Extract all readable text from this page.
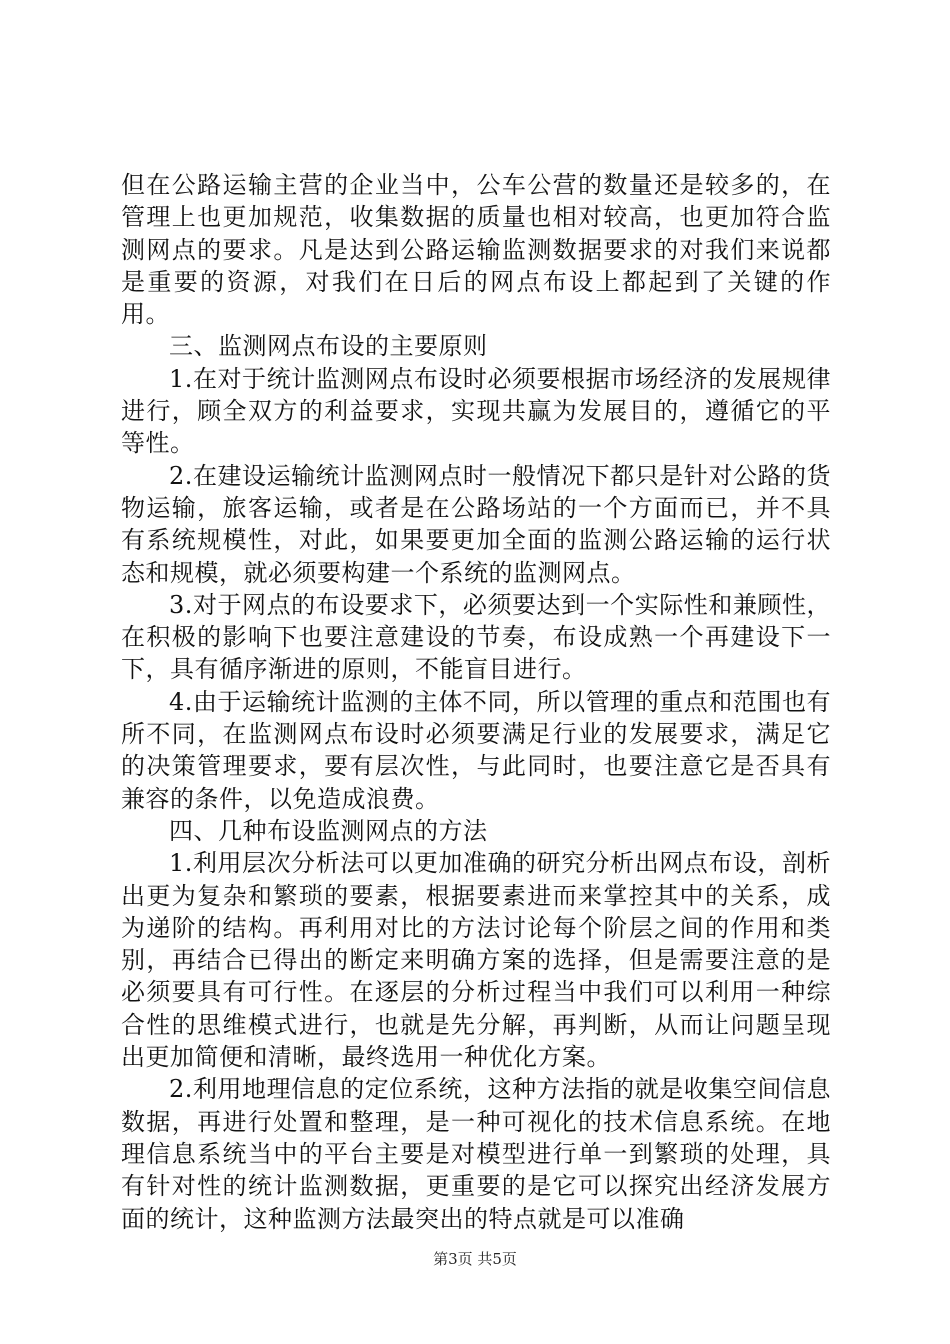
但在公路运输主营的企业当中，公车公营的数量还是较多的，在管理上也更加规范，收集数据的质量也相对较高，也更加符合监测网点的要求。凡是达到公路运输监测数据要求的对我们来说都是重要的资源，对我们在日后的网点布设上都起到了关键的作用。

三、监测网点布设的主要原则

1.在对于统计监测网点布设时必须要根据市场经济的发展规律进行，顾全双方的利益要求，实现共赢为发展目的，遵循它的平等性。

2.在建设运输统计监测网点时一般情况下都只是针对公路的货物运输，旅客运输，或者是在公路场站的一个方面而已，并不具有系统规模性，对此，如果要更加全面的监测公路运输的运行状态和规模，就必须要构建一个系统的监测网点。

3.对于网点的布设要求下，必须要达到一个实际性和兼顾性，在积极的影响下也要注意建设的节奏，布设成熟一个再建设下一下，具有循序渐进的原则，不能盲目进行。

4.由于运输统计监测的主体不同，所以管理的重点和范围也有所不同，在监测网点布设时必须要满足行业的发展要求，满足它的决策管理要求，要有层次性，与此同时，也要注意它是否具有兼容的条件，以免造成浪费。

四、几种布设监测网点的方法

1.利用层次分析法可以更加准确的研究分析出网点布设，剖析出更为复杂和繁琐的要素，根据要素进而来掌控其中的关系，成为递阶的结构。再利用对比的方法讨论每个阶层之间的作用和类别，再结合已得出的断定来明确方案的选择，但是需要注意的是必须要具有可行性。在逐层的分析过程当中我们可以利用一种综合性的思维模式进行，也就是先分解，再判断，从而让问题呈现出更加简便和清晰，最终选用一种优化方案。

2.利用地理信息的定位系统，这种方法指的就是收集空间信息数据，再进行处置和整理，是一种可视化的技术信息系统。在地理信息系统当中的平台主要是对模型进行单一到繁琐的处理，具有针对性的统计监测数据，更重要的是它可以探究出经济发展方面的统计，这种监测方法最突出的特点就是可以准确

第3页 共5页
